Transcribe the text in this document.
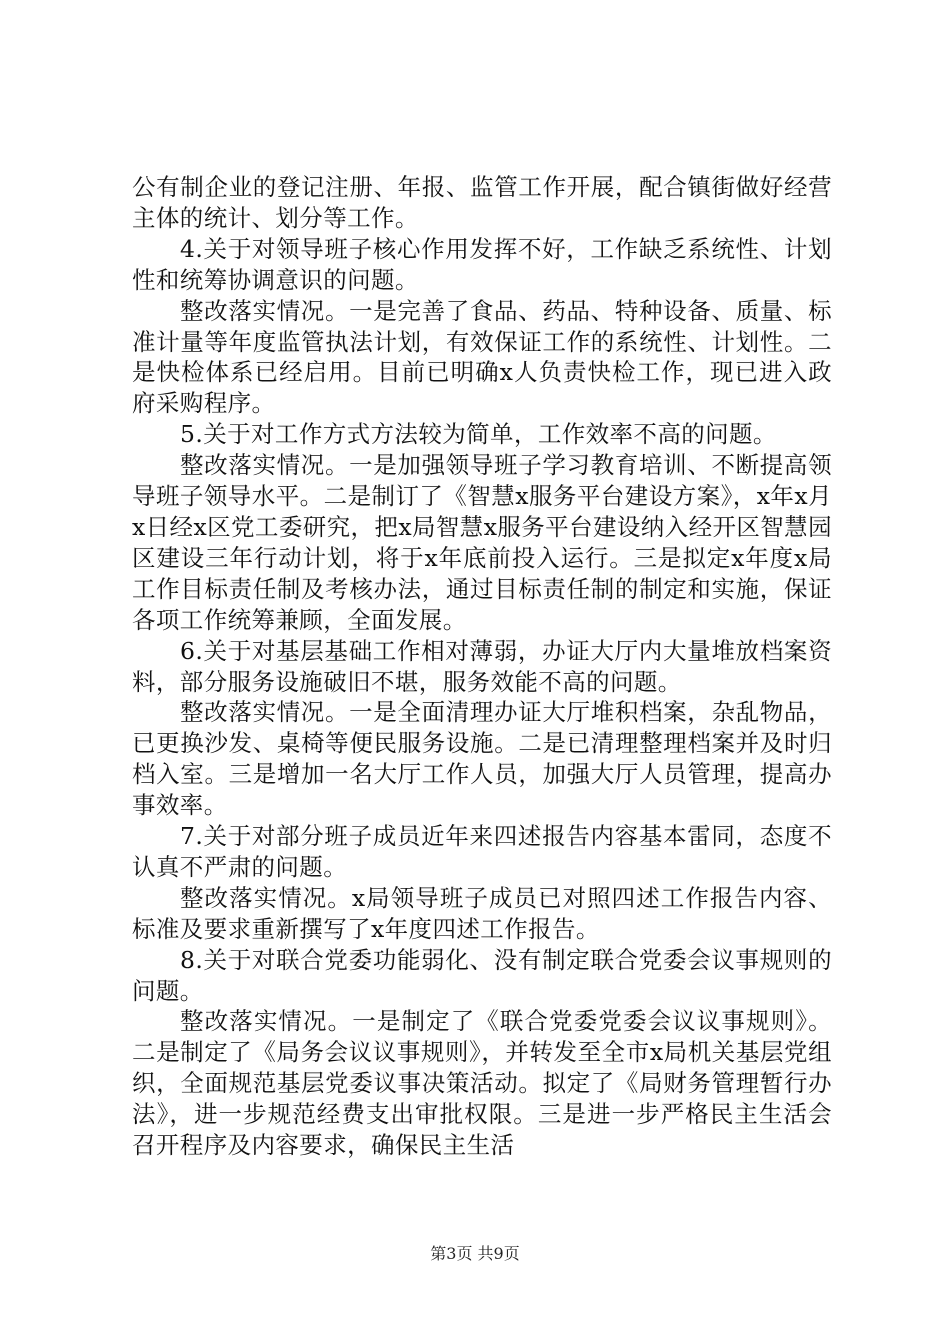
公有制企业的登记注册、年报、监管工作开展，配合镇街做好经营主体的统计、划分等工作。

4.关于对领导班子核心作用发挥不好，工作缺乏系统性、计划性和统筹协调意识的问题。

整改落实情况。一是完善了食品、药品、特种设备、质量、标准计量等年度监管执法计划，有效保证工作的系统性、计划性。二是快检体系已经启用。目前已明确x人负责快检工作，现已进入政府采购程序。

5.关于对工作方式方法较为简单，工作效率不高的问题。

整改落实情况。一是加强领导班子学习教育培训、不断提高领导班子领导水平。二是制订了《智慧x服务平台建设方案》，x年x月x日经x区党工委研究，把x局智慧x服务平台建设纳入经开区智慧园区建设三年行动计划，将于x年底前投入运行。三是拟定x年度x局工作目标责任制及考核办法，通过目标责任制的制定和实施，保证各项工作统筹兼顾，全面发展。

6.关于对基层基础工作相对薄弱，办证大厅内大量堆放档案资料，部分服务设施破旧不堪，服务效能不高的问题。

整改落实情况。一是全面清理办证大厅堆积档案，杂乱物品，已更换沙发、桌椅等便民服务设施。二是已清理整理档案并及时归档入室。三是增加一名大厅工作人员，加强大厅人员管理，提高办事效率。

7.关于对部分班子成员近年来四述报告内容基本雷同，态度不认真不严肃的问题。

整改落实情况。x局领导班子成员已对照四述工作报告内容、标准及要求重新撰写了x年度四述工作报告。

8.关于对联合党委功能弱化、没有制定联合党委会议事规则的问题。

整改落实情况。一是制定了《联合党委党委会议议事规则》。二是制定了《局务会议议事规则》，并转发至全市x局机关基层党组织，全面规范基层党委议事决策活动。拟定了《局财务管理暂行办法》，进一步规范经费支出审批权限。三是进一步严格民主生活会召开程序及内容要求，确保民主生活

第3页 共9页
